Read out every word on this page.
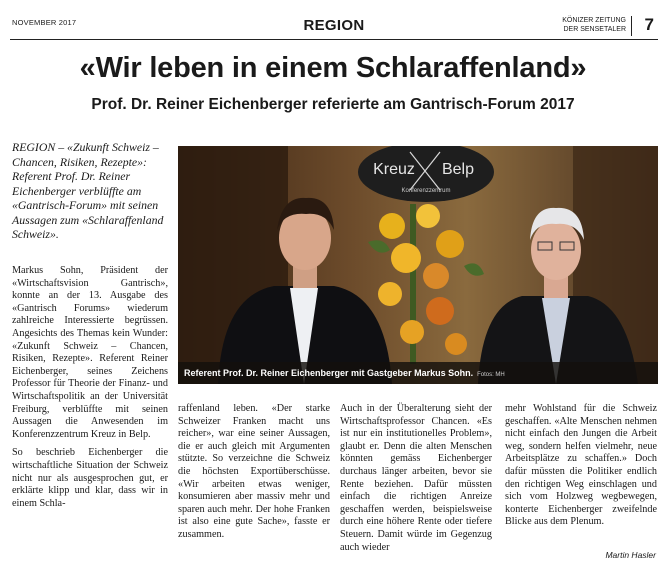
NOVEMBER 2017	REGION	KÖNIZER ZEITUNG
DER SENSETALER 7
«Wir leben in einem Schlaraffenland»
Prof. Dr. Reiner Eichenberger referierte am Gantrisch-Forum 2017
REGION – «Zukunft Schweiz – Chancen, Risiken, Rezepte»: Referent Prof. Dr. Reiner Eichenberger verblüffte am «Gantrisch-Forum» mit seinen Aussagen zum «Schlaraffenland Schweiz».

Markus Sohn, Präsident der «Wirtschaftsvision Gantrisch», konnte an der 13. Ausgabe des «Gantrisch Forums» wiederum zahlreiche Interessierte begrüssen. Angesichts des Themas kein Wunder: «Zukunft Schweiz – Chancen, Risiken, Rezepte». Referent Reiner Eichenberger, seines Zeichens Professor für Theorie der Finanz- und Wirtschaftspolitik an der Universität Freiburg, verblüffte mit seinen Aussagen die Anwesenden im Konferenzzentrum Kreuz in Belp.

So beschrieb Eichenberger die wirtschaftliche Situation der Schweiz nicht nur als ausgesprochen gut, er erklärte klipp und klar, dass wir in einem Schla-

Kreuz Belp
Konferenzzentrum
Referent Prof. Dr. Reiner Eichenberger mit Gastgeber Markus Sohn. Fotos: MH
raffenland leben. «Der starke Schweizer Franken macht uns reicher», war eine seiner Aussagen, die er auch gleich mit Argumenten stützte. So verzeichne die Schweiz die höchsten Exportüberschüsse. «Wir arbeiten etwas weniger, konsumieren aber massiv mehr und sparen auch mehr. Der hohe Franken ist also eine gute Sache», fasste er zusammen.
Auch in der Überalterung sieht der Wirtschaftsprofessor Chancen. «Es ist nur ein institutionelles Problem», glaubt er. Denn die alten Menschen könnten gemäss Eichenberger durchaus länger arbeiten, bevor sie Rente beziehen. Dafür müssten einfach die richtigen Anreize geschaffen werden, beispielsweise durch eine höhere Rente oder tiefere Steuern. Damit würde im Gegenzug auch wieder
mehr Wohlstand für die Schweiz geschaffen. «Alte Menschen nehmen nicht einfach den Jungen die Arbeit weg, sondern helfen vielmehr, neue Arbeitsplätze zu schaffen.» Doch dafür müssten die Politiker endlich den richtigen Weg einschlagen und sich vom Holzweg wegbewegen, konterte Eichenberger zweifelnde Blicke aus dem Plenum.
Martin Hasler
